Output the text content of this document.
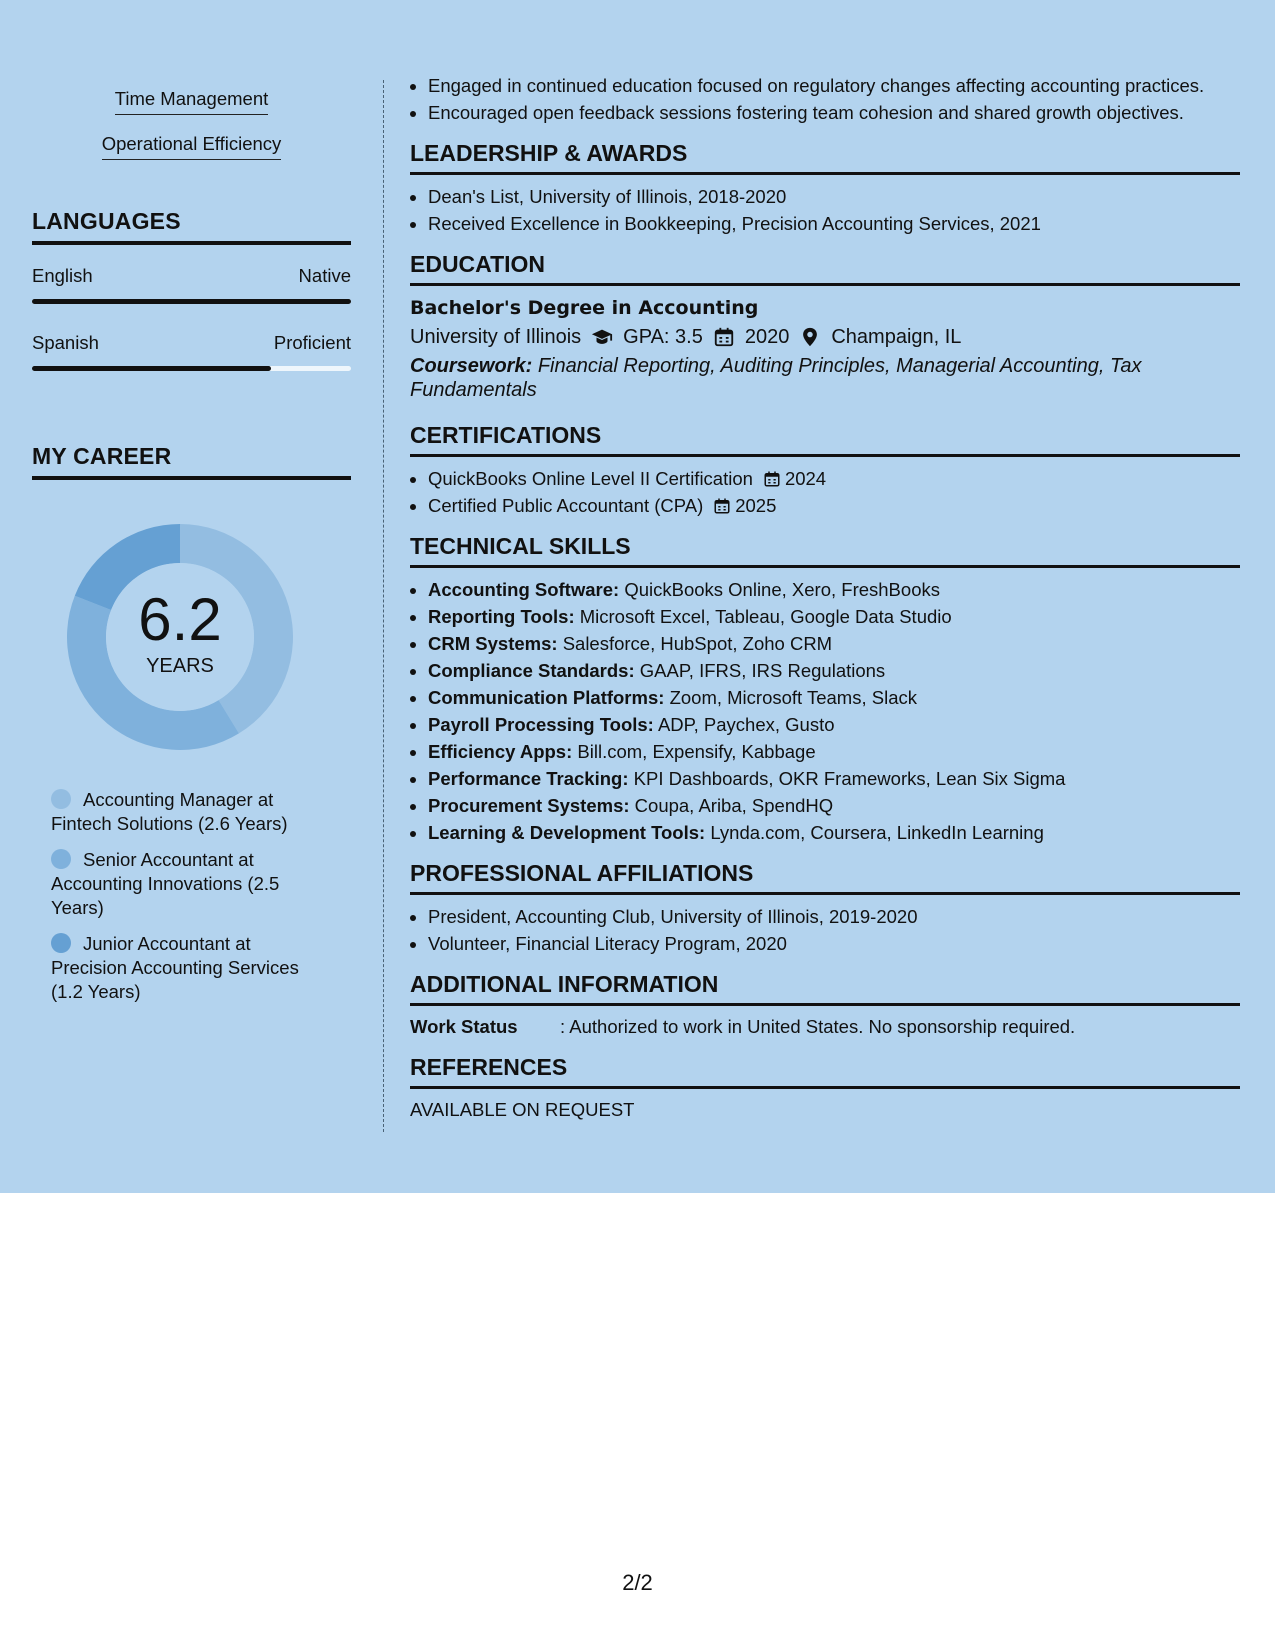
Time Management
Operational Efficiency
LANGUAGES
English	Native
Spanish	Proficient
MY CAREER
6.2
YEARS
Accounting Manager at Fintech Solutions (2.6 Years)
Senior Accountant at Accounting Innovations (2.5 Years)
Junior Accountant at Precision Accounting Services (1.2 Years)
• Engaged in continued education focused on regulatory changes affecting accounting practices.
• Encouraged open feedback sessions fostering team cohesion and shared growth objectives.
LEADERSHIP & AWARDS
• Dean's List, University of Illinois, 2018-2020
• Received Excellence in Bookkeeping, Precision Accounting Services, 2021
EDUCATION
Bachelor's Degree in Accounting
University of Illinois GPA: 3.5 2020 Champaign, IL
Coursework: Financial Reporting, Auditing Principles, Managerial Accounting, Tax Fundamentals
CERTIFICATIONS
• QuickBooks Online Level II Certification 2024
• Certified Public Accountant (CPA) 2025
TECHNICAL SKILLS
• Accounting Software: QuickBooks Online, Xero, FreshBooks
• Reporting Tools: Microsoft Excel, Tableau, Google Data Studio
• CRM Systems: Salesforce, HubSpot, Zoho CRM
• Compliance Standards: GAAP, IFRS, IRS Regulations
• Communication Platforms: Zoom, Microsoft Teams, Slack
• Payroll Processing Tools: ADP, Paychex, Gusto
• Efficiency Apps: Bill.com, Expensify, Kabbage
• Performance Tracking: KPI Dashboards, OKR Frameworks, Lean Six Sigma
• Procurement Systems: Coupa, Ariba, SpendHQ
• Learning & Development Tools: Lynda.com, Coursera, LinkedIn Learning
PROFESSIONAL AFFILIATIONS
• President, Accounting Club, University of Illinois, 2019-2020
• Volunteer, Financial Literacy Program, 2020
ADDITIONAL INFORMATION
Work Status : Authorized to work in United States. No sponsorship required.
REFERENCES
AVAILABLE ON REQUEST
2/2
